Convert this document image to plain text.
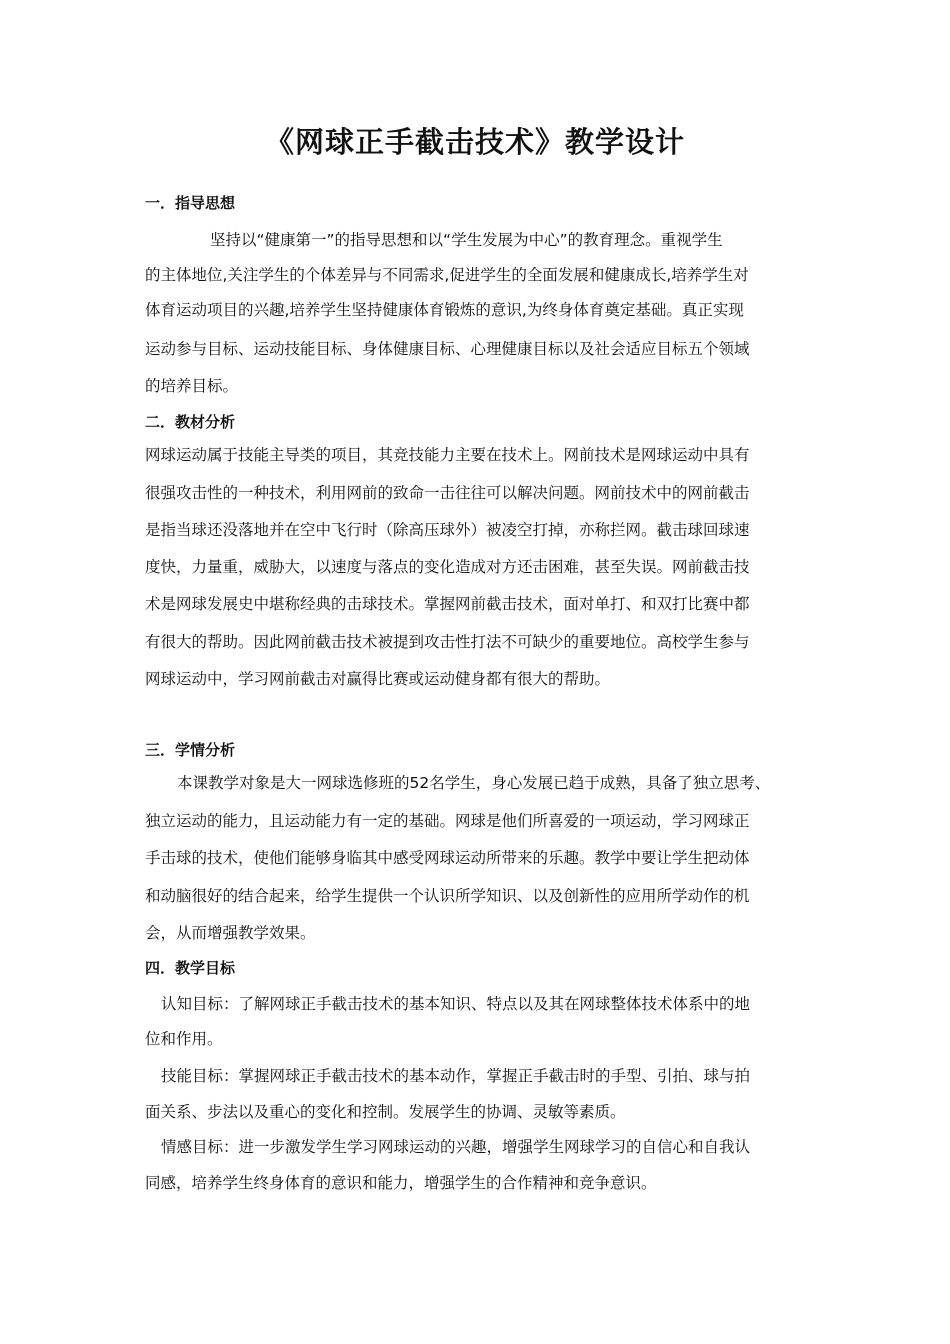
《网球正手截击技术》教学设计
一．指导思想
坚持以“健康第一”的指导思想和以“学生发展为中心”的教育理念。重视学生
的主体地位,关注学生的个体差异与不同需求,促进学生的全面发展和健康成长,培养学生对
体育运动项目的兴趣,培养学生坚持健康体育锻炼的意识,为终身体育奠定基础。真正实现
运动参与目标、运动技能目标、身体健康目标、心理健康目标以及社会适应目标五个领域
的培养目标。
二．教材分析
网球运动属于技能主导类的项目，其竞技能力主要在技术上。网前技术是网球运动中具有
很强攻击性的一种技术，利用网前的致命一击往往可以解决问题。网前技术中的网前截击
是指当球还没落地并在空中飞行时（除高压球外）被凌空打掉，亦称拦网。截击球回球速
度快，力量重，威胁大，以速度与落点的变化造成对方还击困难，甚至失误。网前截击技
术是网球发展史中堪称经典的击球技术。掌握网前截击技术，面对单打、和双打比赛中都
有很大的帮助。因此网前截击技术被提到攻击性打法不可缺少的重要地位。高校学生参与
网球运动中，学习网前截击对赢得比赛或运动健身都有很大的帮助。
三．学情分析
本课教学对象是大一网球选修班的52名学生，身心发展已趋于成熟，具备了独立思考、
独立运动的能力，且运动能力有一定的基础。网球是他们所喜爱的一项运动，学习网球正
手击球的技术，使他们能够身临其中感受网球运动所带来的乐趣。教学中要让学生把动体
和动脑很好的结合起来，给学生提供一个认识所学知识、以及创新性的应用所学动作的机
会，从而增强教学效果。
四．教学目标
认知目标：了解网球正手截击技术的基本知识、特点以及其在网球整体技术体系中的地
位和作用。
技能目标：掌握网球正手截击技术的基本动作，掌握正手截击时的手型、引拍、球与拍
面关系、步法以及重心的变化和控制。发展学生的协调、灵敏等素质。
情感目标：进一步激发学生学习网球运动的兴趣，增强学生网球学习的自信心和自我认
同感，培养学生终身体育的意识和能力，增强学生的合作精神和竞争意识。
